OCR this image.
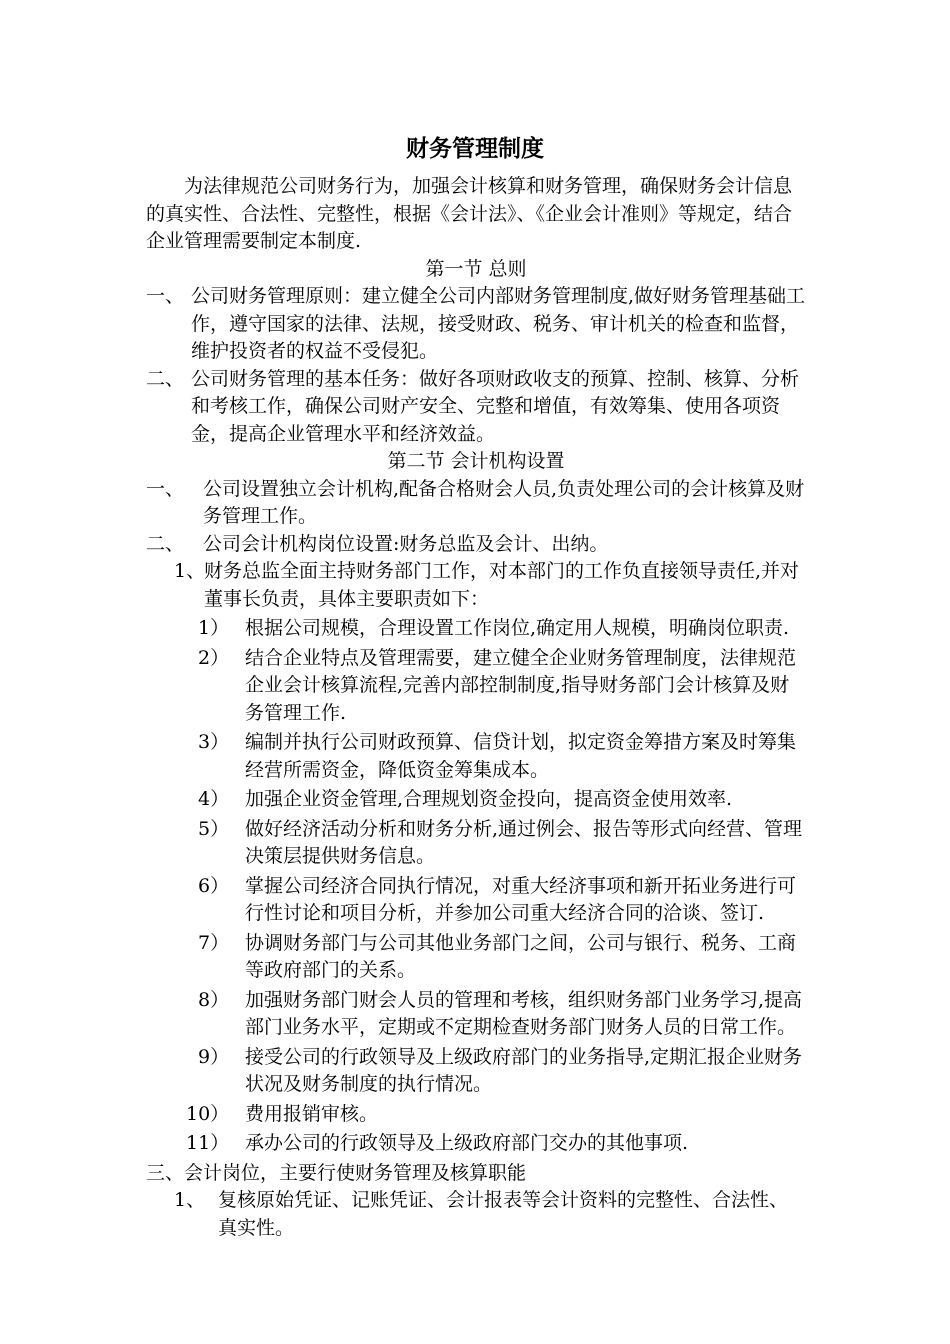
财务管理制度

为法律规范公司财务行为，加强会计核算和财务管理，确保财务会计信息的真实性、合法性、完整性，根据《会计法》、《企业会计准则》等规定，结合企业管理需要制定本制度.

第一节 总则

一、 公司财务管理原则：建立健全公司内部财务管理制度,做好财务管理基础工作，遵守国家的法律、法规，接受财政、税务、审计机关的检查和监督，维护投资者的权益不受侵犯。
二、 公司财务管理的基本任务：做好各项财政收支的预算、控制、核算、分析和考核工作，确保公司财产安全、完整和增值，有效筹集、使用各项资金，提高企业管理水平和经济效益。

第二节 会计机构设置

一、 公司设置独立会计机构,配备合格财会人员,负责处理公司的会计核算及财务管理工作。
二、 公司会计机构岗位设置:财务总监及会计、出纳。
1、
财务总监全面主持财务部门工作，对本部门的工作负直接领导责任,并对董事长负责，具体主要职责如下：
1） 根据公司规模，合理设置工作岗位,确定用人规模，明确岗位职责.
2） 结合企业特点及管理需要，建立健全企业财务管理制度，法律规范企业会计核算流程,完善内部控制制度,指导财务部门会计核算及财务管理工作.
3） 编制并执行公司财政预算、信贷计划，拟定资金筹措方案及时筹集经营所需资金，降低资金筹集成本。
4） 加强企业资金管理,合理规划资金投向，提高资金使用效率.
5） 做好经济活动分析和财务分析,通过例会、报告等形式向经营、管理决策层提供财务信息。
6） 掌握公司经济合同执行情况，对重大经济事项和新开拓业务进行可行性讨论和项目分析，并参加公司重大经济合同的洽谈、签订.
7） 协调财务部门与公司其他业务部门之间，公司与银行、税务、工商等政府部门的关系。
8） 加强财务部门财会人员的管理和考核，组织财务部门业务学习,提高部门业务水平，定期或不定期检查财务部门财务人员的日常工作。
9） 接受公司的行政领导及上级政府部门的业务指导,定期汇报企业财务状况及财务制度的执行情况。
10） 费用报销审核。
11） 承办公司的行政领导及上级政府部门交办的其他事项.
三、 会计岗位，主要行使财务管理及核算职能
1、 复核原始凭证、记账凭证、会计报表等会计资料的完整性、合法性、真实性。
